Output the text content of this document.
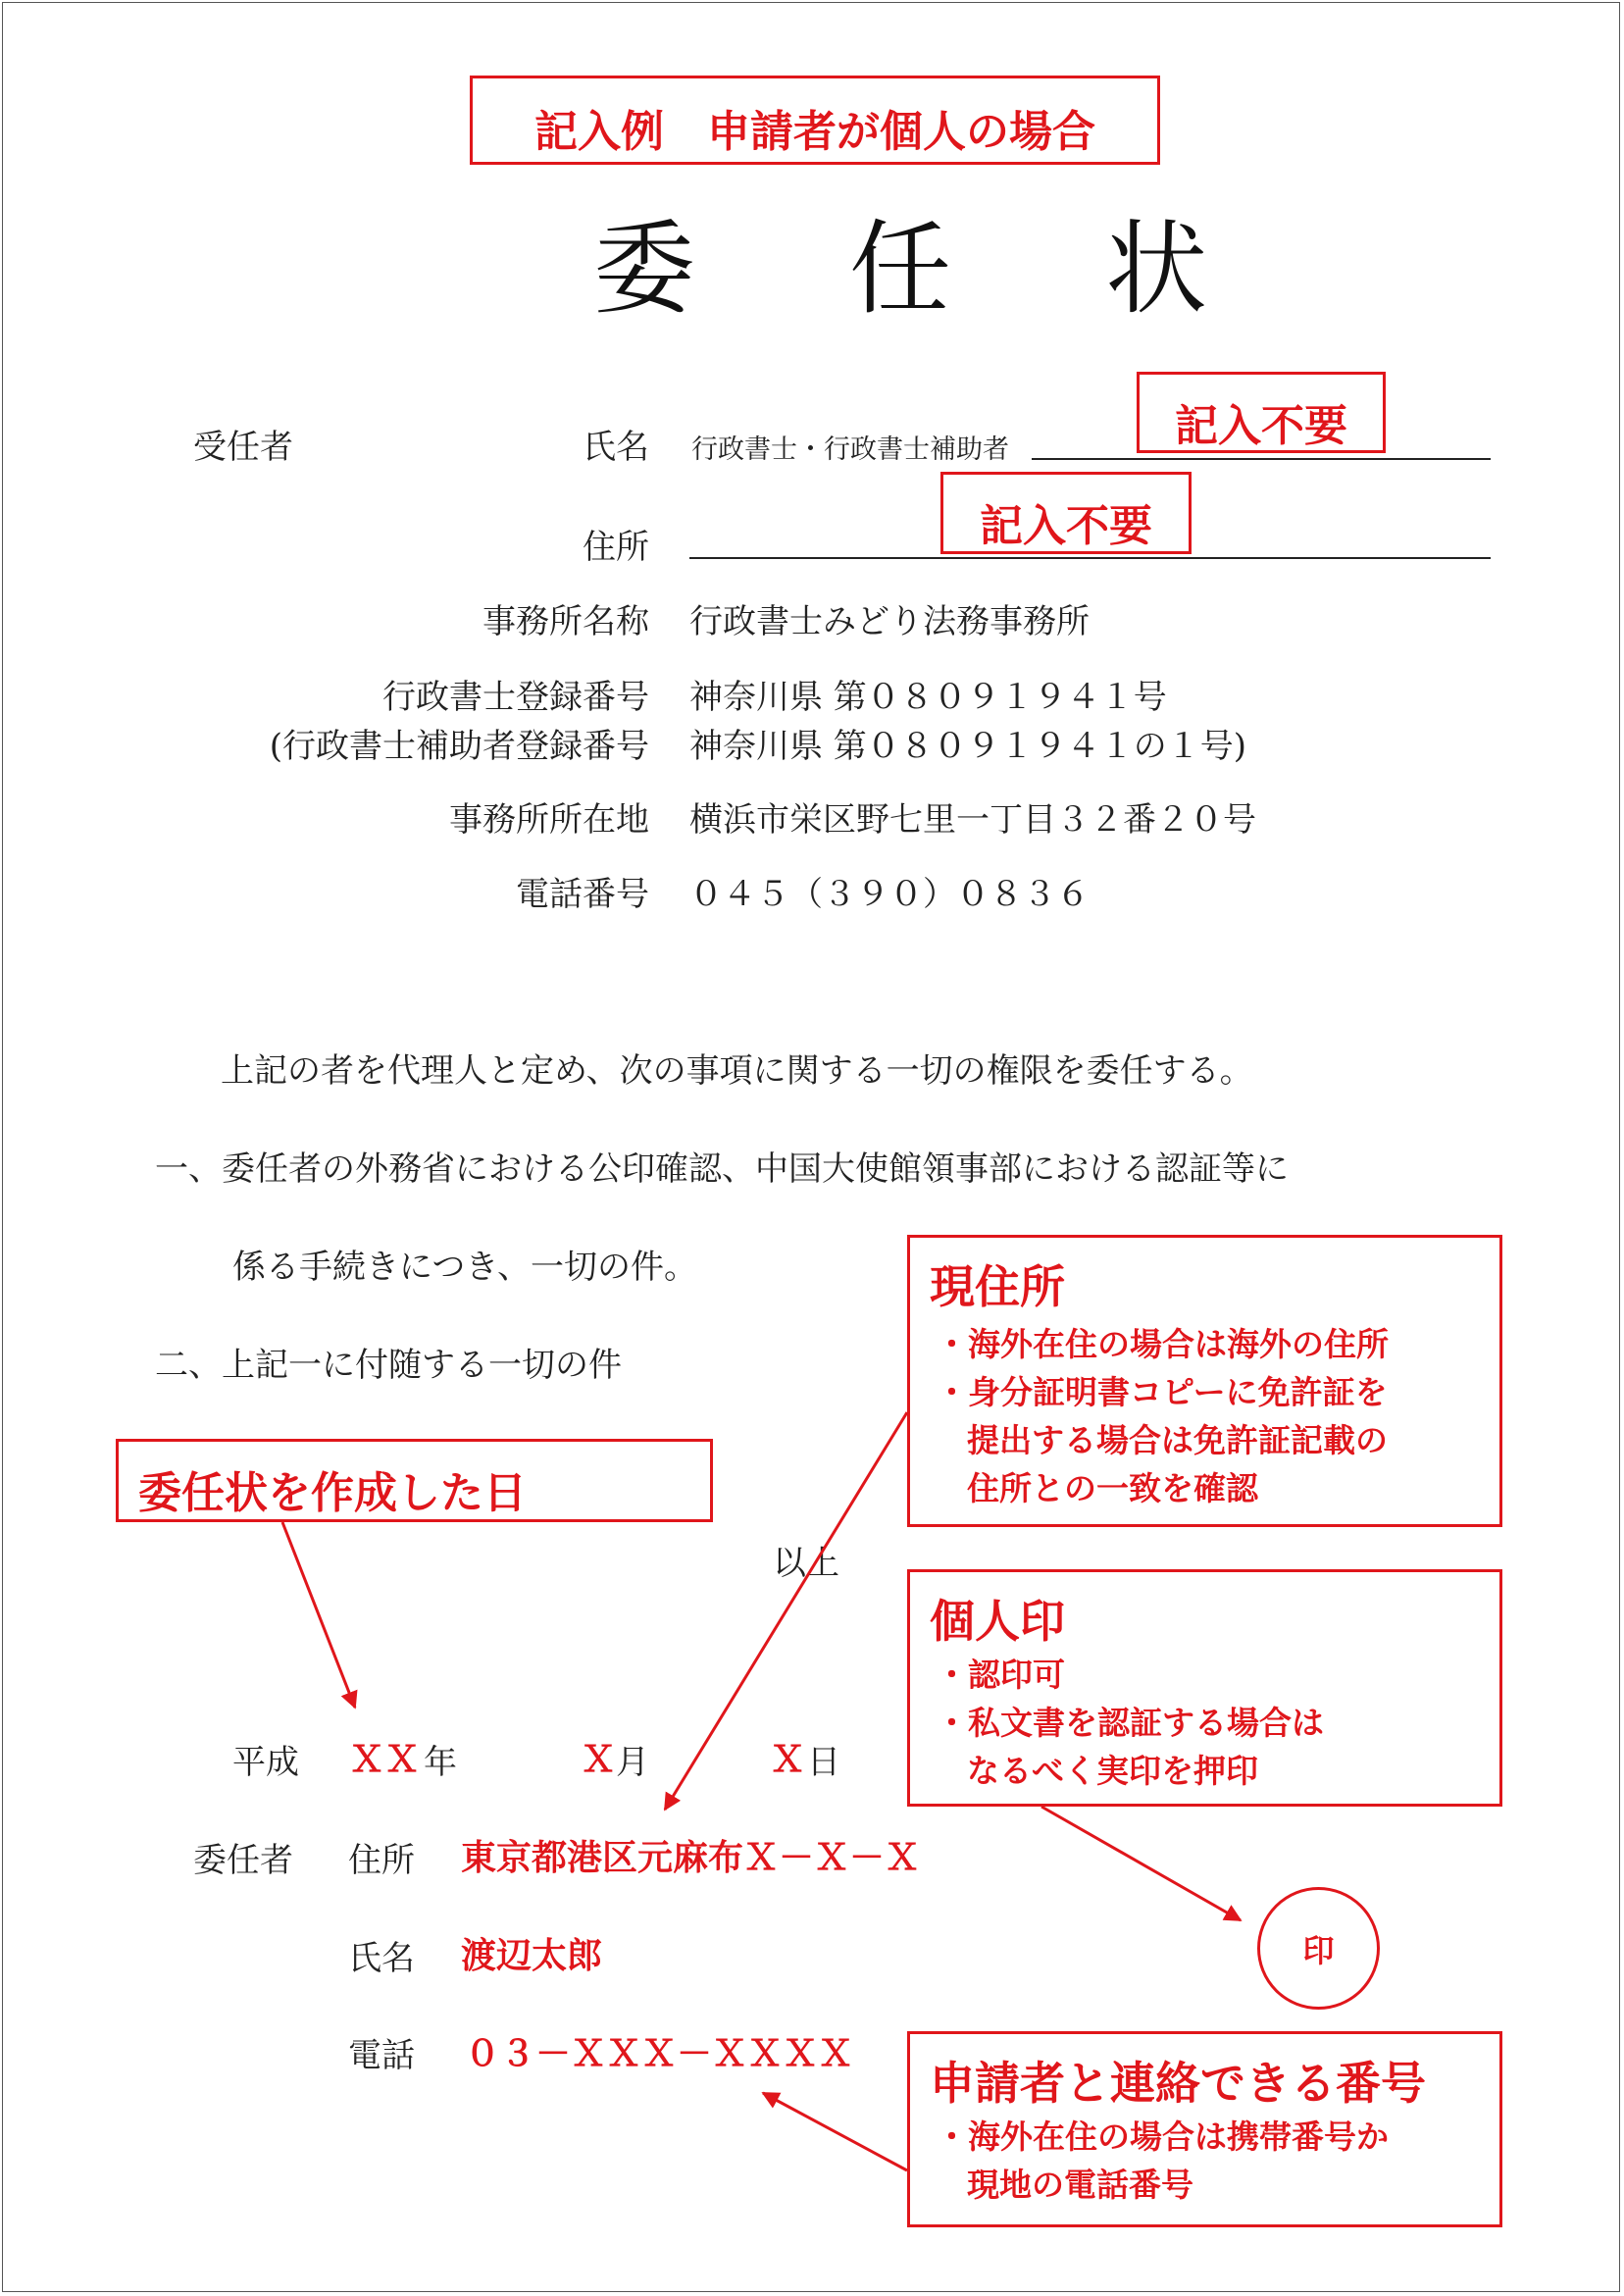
記入例　申請者が個人の場合
委 任 状
受任者	氏名 行政書士・行政書士補助者	記入不要
住所	記入不要
事務所名称 行政書士みどり法務事務所
行政書士登録番号 神奈川県 第０８０９１９４１号
(行政書士補助者登録番号 神奈川県 第０８０９１９４１の１号)
事務所所在地 横浜市栄区野七里一丁目３２番２０号
電話番号 ０４５（３９０）０８３６
上記の者を代理人と定め、次の事項に関する一切の権限を委任する。
一、委任者の外務省における公印確認、中国大使館領事部における認証等に
係る手続きにつき、一切の件。
二、上記一に付随する一切の件
以上
平成 ＸＸ 年	Ｘ 月	Ｘ 日
委任者 住所 東京都港区元麻布Ｘ－Ｘ－Ｘ
氏名 渡辺太郎
電話 ０３－ＸＸＸ－ＸＸＸＸ
印
委任状を作成した日
現住所
・海外在住の場合は海外の住所
・身分証明書コピーに免許証を
提出する場合は免許証記載の
住所との一致を確認
個人印
・認印可
・私文書を認証する場合は
なるべく実印を押印
申請者と連絡できる番号
・海外在住の場合は携帯番号か
現地の電話番号
